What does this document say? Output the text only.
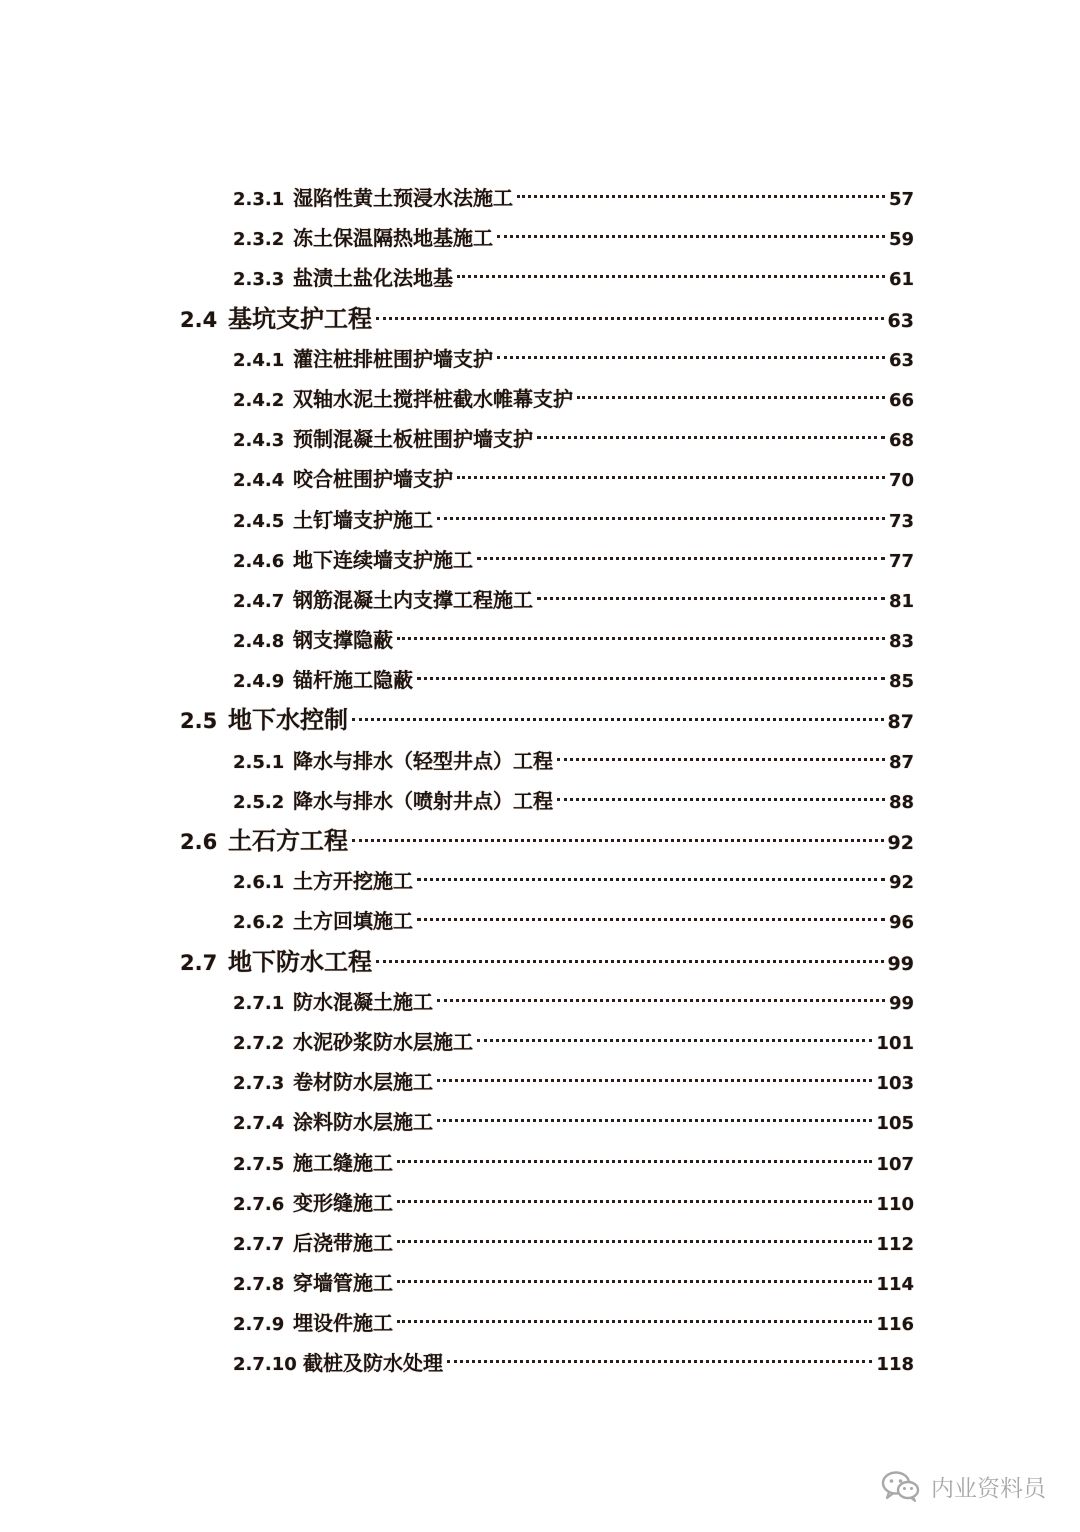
2.3.1 湿陷性黄土预浸水法施工	57
2.3.2 冻土保温隔热地基施工	59
2.3.3 盐渍土盐化法地基	61
2.4 基坑支护工程	63
2.4.1 灌注桩排桩围护墙支护	63
2.4.2 双轴水泥土搅拌桩截水帷幕支护	66
2.4.3 预制混凝土板桩围护墙支护	68
2.4.4 咬合桩围护墙支护	70
2.4.5 土钉墙支护施工	73
2.4.6 地下连续墙支护施工	77
2.4.7 钢筋混凝土内支撑工程施工	81
2.4.8 钢支撑隐蔽	83
2.4.9 锚杆施工隐蔽	85
2.5 地下水控制	87
2.5.1 降水与排水（轻型井点）工程	87
2.5.2 降水与排水（喷射井点）工程	88
2.6 土石方工程	92
2.6.1 土方开挖施工	92
2.6.2 土方回填施工	96
2.7 地下防水工程	99
2.7.1 防水混凝土施工	99
2.7.2 水泥砂浆防水层施工	101
2.7.3 卷材防水层施工	103
2.7.4 涂料防水层施工	105
2.7.5 施工缝施工	107
2.7.6 变形缝施工	110
2.7.7 后浇带施工	112
2.7.8 穿墙管施工	114
2.7.9 埋设件施工	116
2.7.10 截桩及防水处理	118
内业资料员
